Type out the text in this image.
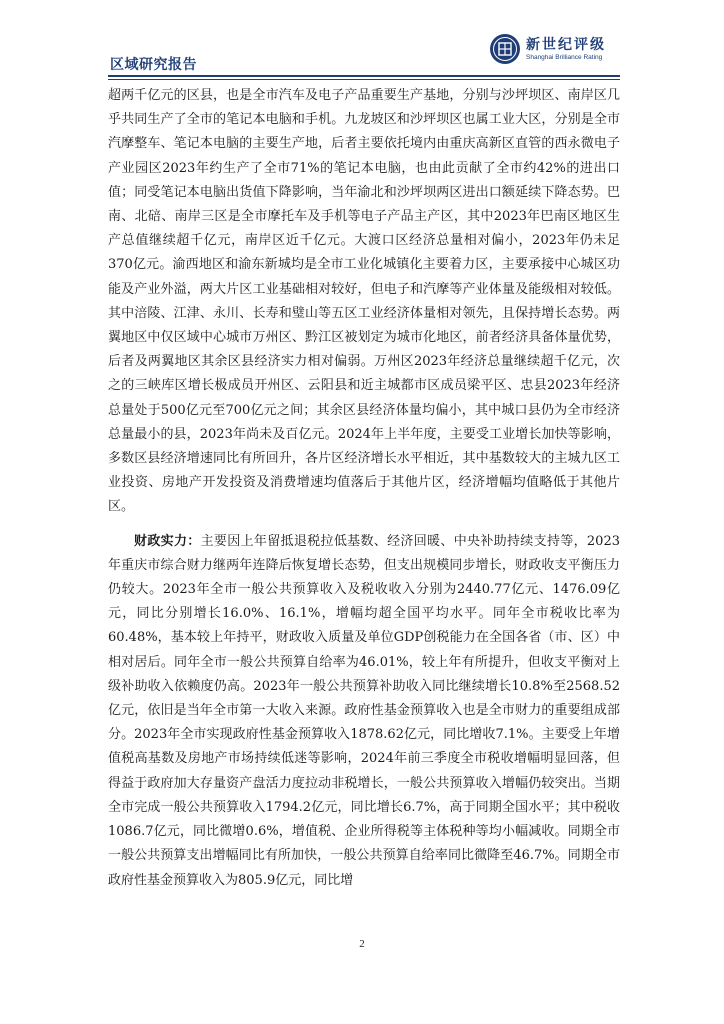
区域研究报告
新世纪评级
Shanghai Brilliance Rating

超两千亿元的区县，也是全市汽车及电子产品重要生产基地，分别与沙坪坝区、南岸区几乎共同生产了全市的笔记本电脑和手机。九龙坡区和沙坪坝区也属工业大区，分别是全市汽摩整车、笔记本电脑的主要生产地，后者主要依托境内由重庆高新区直管的西永微电子产业园区2023年约生产了全市71%的笔记本电脑，也由此贡献了全市约42%的进出口值；同受笔记本电脑出货值下降影响，当年渝北和沙坪坝两区进出口额延续下降态势。巴南、北碚、南岸三区是全市摩托车及手机等电子产品主产区，其中2023年巴南区地区生产总值继续超千亿元，南岸区近千亿元。大渡口区经济总量相对偏小，2023年仍未足370亿元。渝西地区和渝东新城均是全市工业化城镇化主要着力区，主要承接中心城区功能及产业外溢，两大片区工业基础相对较好，但电子和汽摩等产业体量及能级相对较低。其中涪陵、江津、永川、长寿和璧山等五区工业经济体量相对领先，且保持增长态势。两翼地区中仅区域中心城市万州区、黔江区被划定为城市化地区，前者经济具备体量优势，后者及两翼地区其余区县经济实力相对偏弱。万州区2023年经济总量继续超千亿元，次之的三峡库区增长极成员开州区、云阳县和近主城都市区成员梁平区、忠县2023年经济总量处于500亿元至700亿元之间；其余区县经济体量均偏小，其中城口县仍为全市经济总量最小的县，2023年尚未及百亿元。2024年上半年度，主要受工业增长加快等影响，多数区县经济增速同比有所回升，各片区经济增长水平相近，其中基数较大的主城九区工业投资、房地产开发投资及消费增速均值落后于其他片区，经济增幅均值略低于其他片区。

财政实力：主要因上年留抵退税拉低基数、经济回暖、中央补助持续支持等，2023年重庆市综合财力继两年连降后恢复增长态势，但支出规模同步增长，财政收支平衡压力仍较大。2023年全市一般公共预算收入及税收收入分别为2440.77亿元、1476.09亿元，同比分别增长16.0%、16.1%，增幅均超全国平均水平。同年全市税收比率为60.48%，基本较上年持平，财政收入质量及单位GDP创税能力在全国各省（市、区）中相对居后。同年全市一般公共预算自给率为46.01%，较上年有所提升，但收支平衡对上级补助收入依赖度仍高。2023年一般公共预算补助收入同比继续增长10.8%至2568.52亿元，依旧是当年全市第一大收入来源。政府性基金预算收入也是全市财力的重要组成部分。2023年全市实现政府性基金预算收入1878.62亿元，同比增收7.1%。主要受上年增值税高基数及房地产市场持续低迷等影响，2024年前三季度全市税收增幅明显回落，但得益于政府加大存量资产盘活力度拉动非税增长，一般公共预算收入增幅仍较突出。当期全市完成一般公共预算收入1794.2亿元，同比增长6.7%，高于同期全国水平；其中税收1086.7亿元，同比微增0.6%，增值税、企业所得税等主体税种等均小幅减收。同期全市一般公共预算支出增幅同比有所加快，一般公共预算自给率同比微降至46.7%。同期全市政府性基金预算收入为805.9亿元，同比增

2
